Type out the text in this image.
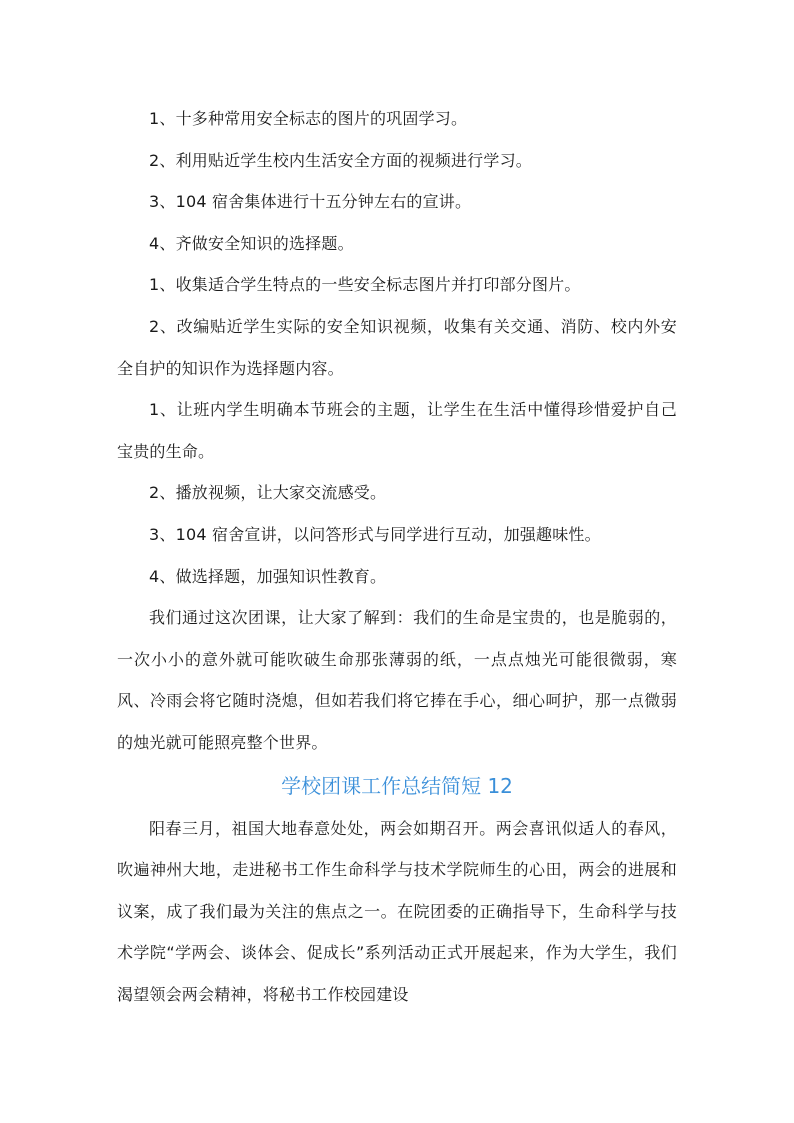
1、十多种常用安全标志的图片的巩固学习。

2、利用贴近学生校内生活安全方面的视频进行学习。

3、104 宿舍集体进行十五分钟左右的宣讲。

4、齐做安全知识的选择题。

1、收集适合学生特点的一些安全标志图片并打印部分图片。

2、改编贴近学生实际的安全知识视频，收集有关交通、消防、校内外安全自护的知识作为选择题内容。

1、让班内学生明确本节班会的主题，让学生在生活中懂得珍惜爱护自己宝贵的生命。

2、播放视频，让大家交流感受。

3、104 宿舍宣讲，以问答形式与同学进行互动，加强趣味性。

4、做选择题，加强知识性教育。

我们通过这次团课，让大家了解到：我们的生命是宝贵的，也是脆弱的，一次小小的意外就可能吹破生命那张薄弱的纸，一点点烛光可能很微弱，寒风、冷雨会将它随时浇熄，但如若我们将它捧在手心，细心呵护，那一点微弱的烛光就可能照亮整个世界。

学校团课工作总结简短 12

阳春三月，祖国大地春意处处，两会如期召开。两会喜讯似适人的春风，吹遍神州大地，走进秘书工作生命科学与技术学院师生的心田，两会的进展和议案，成了我们最为关注的焦点之一。在院团委的正确指导下，生命科学与技术学院“学两会、谈体会、促成长”系列活动正式开展起来，作为大学生，我们渴望领会两会精神，将秘书工作校园建设
